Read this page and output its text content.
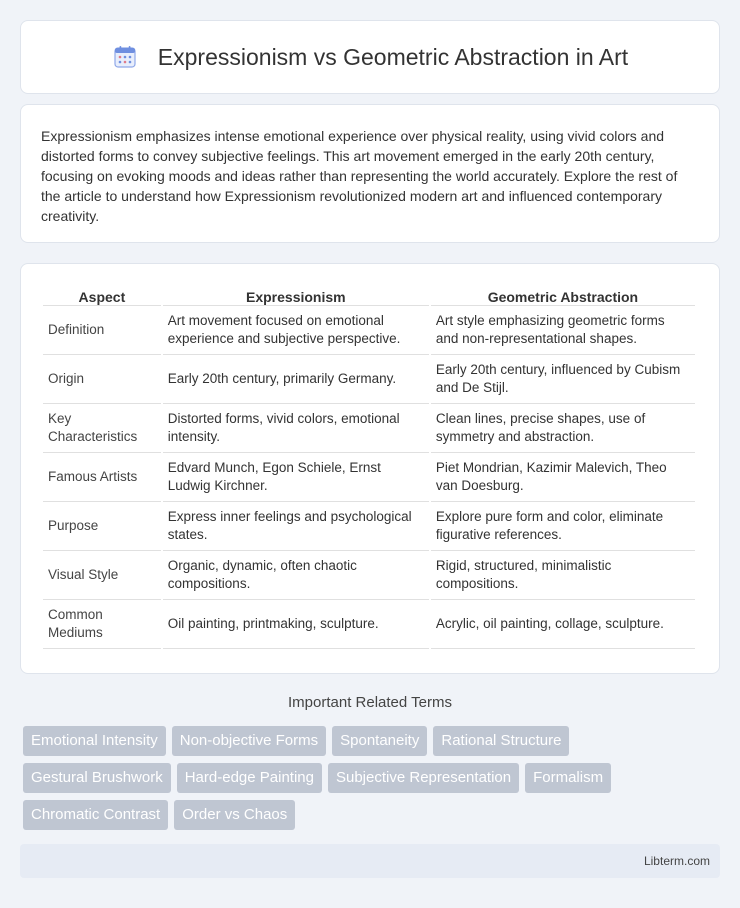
Expressionism vs Geometric Abstraction in Art

Expressionism emphasizes intense emotional experience over physical reality, using vivid colors and distorted forms to convey subjective feelings. This art movement emerged in the early 20th century, focusing on evoking moods and ideas rather than representing the world accurately. Explore the rest of the article to understand how Expressionism revolutionized modern art and influenced contemporary creativity.

Aspect	Expressionism	Geometric Abstraction
Definition	Art movement focused on emotional experience and subjective perspective.	Art style emphasizing geometric forms and non-representational shapes.
Origin	Early 20th century, primarily Germany.	Early 20th century, influenced by Cubism and De Stijl.
Key Characteristics	Distorted forms, vivid colors, emotional intensity.	Clean lines, precise shapes, use of symmetry and abstraction.
Famous Artists	Edvard Munch, Egon Schiele, Ernst Ludwig Kirchner.	Piet Mondrian, Kazimir Malevich, Theo van Doesburg.
Purpose	Express inner feelings and psychological states.	Explore pure form and color, eliminate figurative references.
Visual Style	Organic, dynamic, often chaotic compositions.	Rigid, structured, minimalistic compositions.
Common Mediums	Oil painting, printmaking, sculpture.	Acrylic, oil painting, collage, sculpture.
Important Related Terms
Emotional Intensity	Non-objective Forms	Spontaneity	Rational Structure
Gestural Brushwork	Hard-edge Painting	Subjective Representation	Formalism
Chromatic Contrast	Order vs Chaos
Libterm.com
